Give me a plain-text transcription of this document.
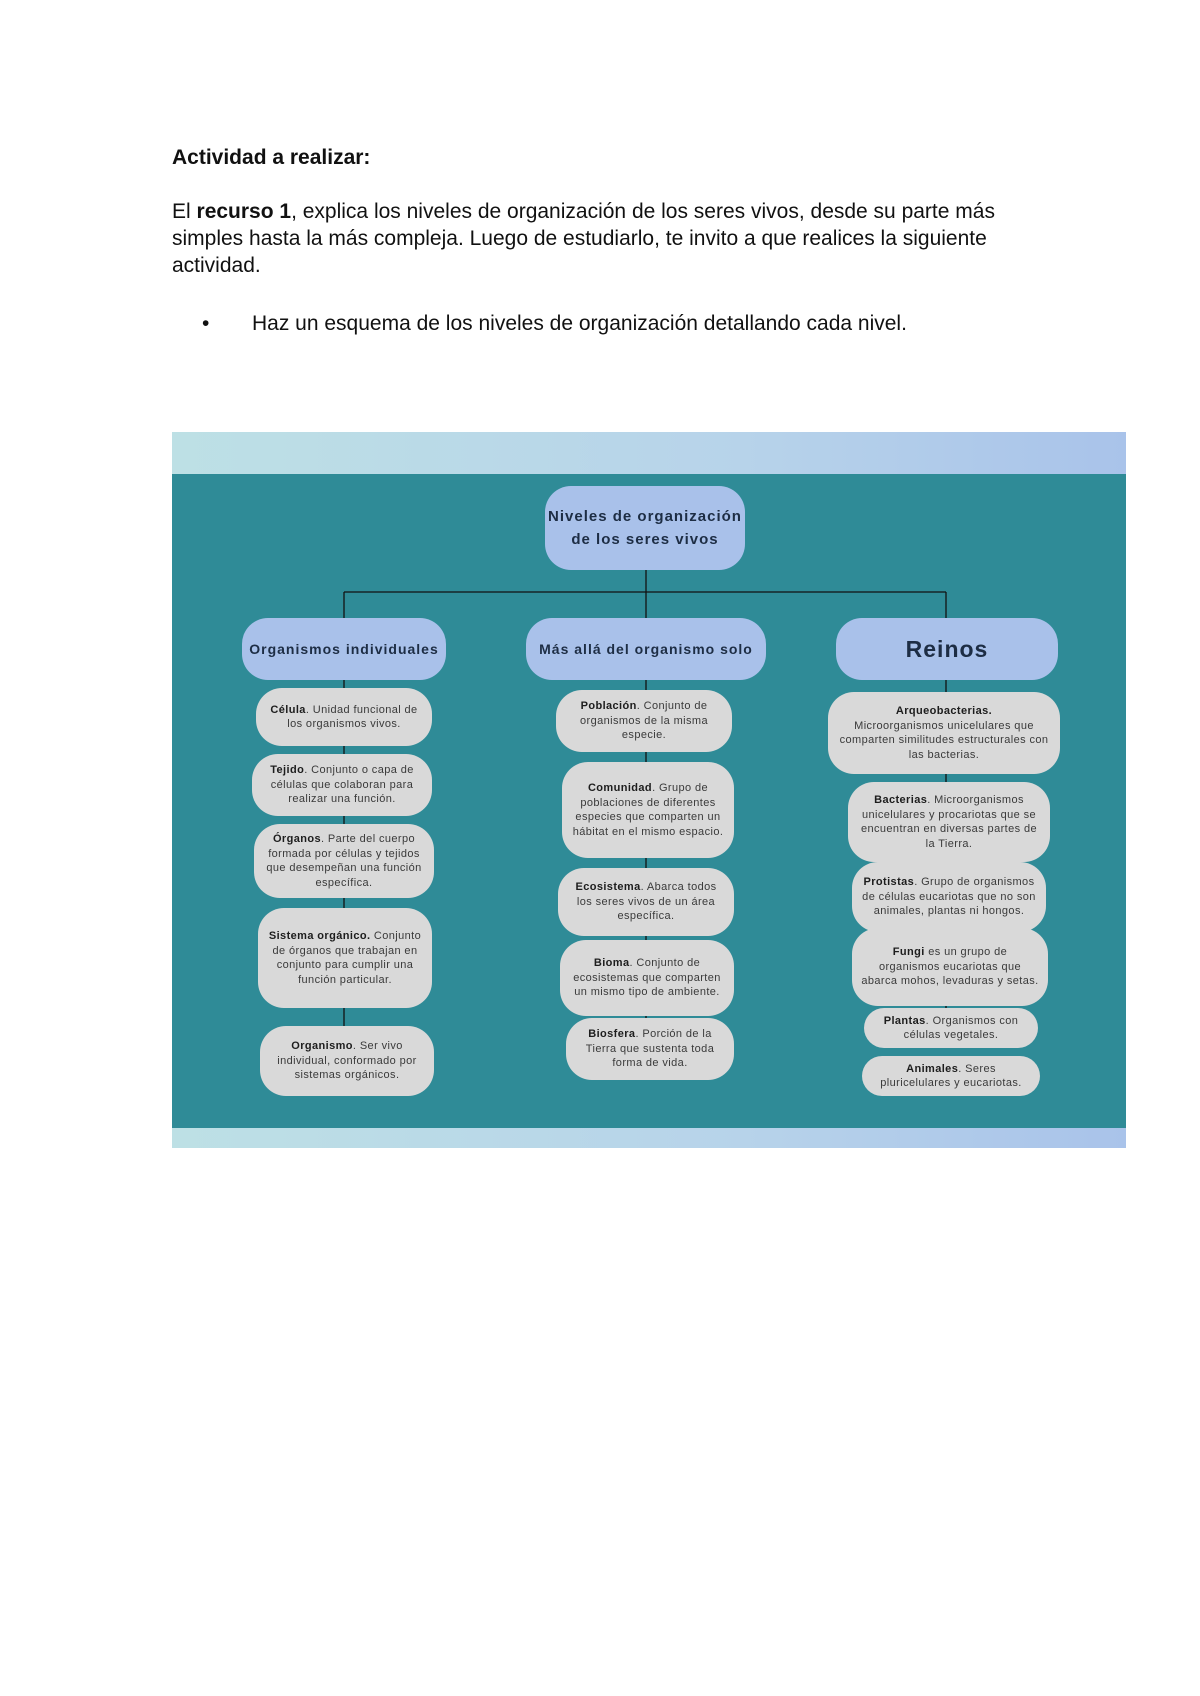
Actividad a realizar:
El recurso 1, explica los niveles de organización de los seres vivos, desde su parte más simples hasta la más compleja. Luego de estudiarlo, te invito a que realices la siguiente actividad.
• Haz un esquema de los niveles de organización detallando cada nivel.
Niveles de organización de los seres vivos
Organismos individuales	Más allá del organismo solo	Reinos
Célula. Unidad funcional de los organismos vivos.
Tejido. Conjunto o capa de células que colaboran para realizar una función.
Órganos. Parte del cuerpo formada por células y tejidos que desempeñan una función específica.
Sistema orgánico. Conjunto de órganos que trabajan en conjunto para cumplir una función particular.
Organismo. Ser vivo individual, conformado por sistemas orgánicos.
Población. Conjunto de organismos de la misma especie.
Comunidad. Grupo de poblaciones de diferentes especies que comparten un hábitat en el mismo espacio.
Ecosistema. Abarca todos los seres vivos de un área específica.
Bioma. Conjunto de ecosistemas que comparten un mismo tipo de ambiente.
Biosfera. Porción de la Tierra que sustenta toda forma de vida.
Arqueobacterias.
Microorganismos unicelulares que comparten similitudes estructurales con las bacterias.
Bacterias. Microorganismos unicelulares y procariotas que se encuentran en diversas partes de la Tierra.
Protistas. Grupo de organismos de células eucariotas que no son animales, plantas ni hongos.
Fungi es un grupo de organismos eucariotas que abarca mohos, levaduras y setas.
Plantas. Organismos con células vegetales.
Animales. Seres pluricelulares y eucariotas.
